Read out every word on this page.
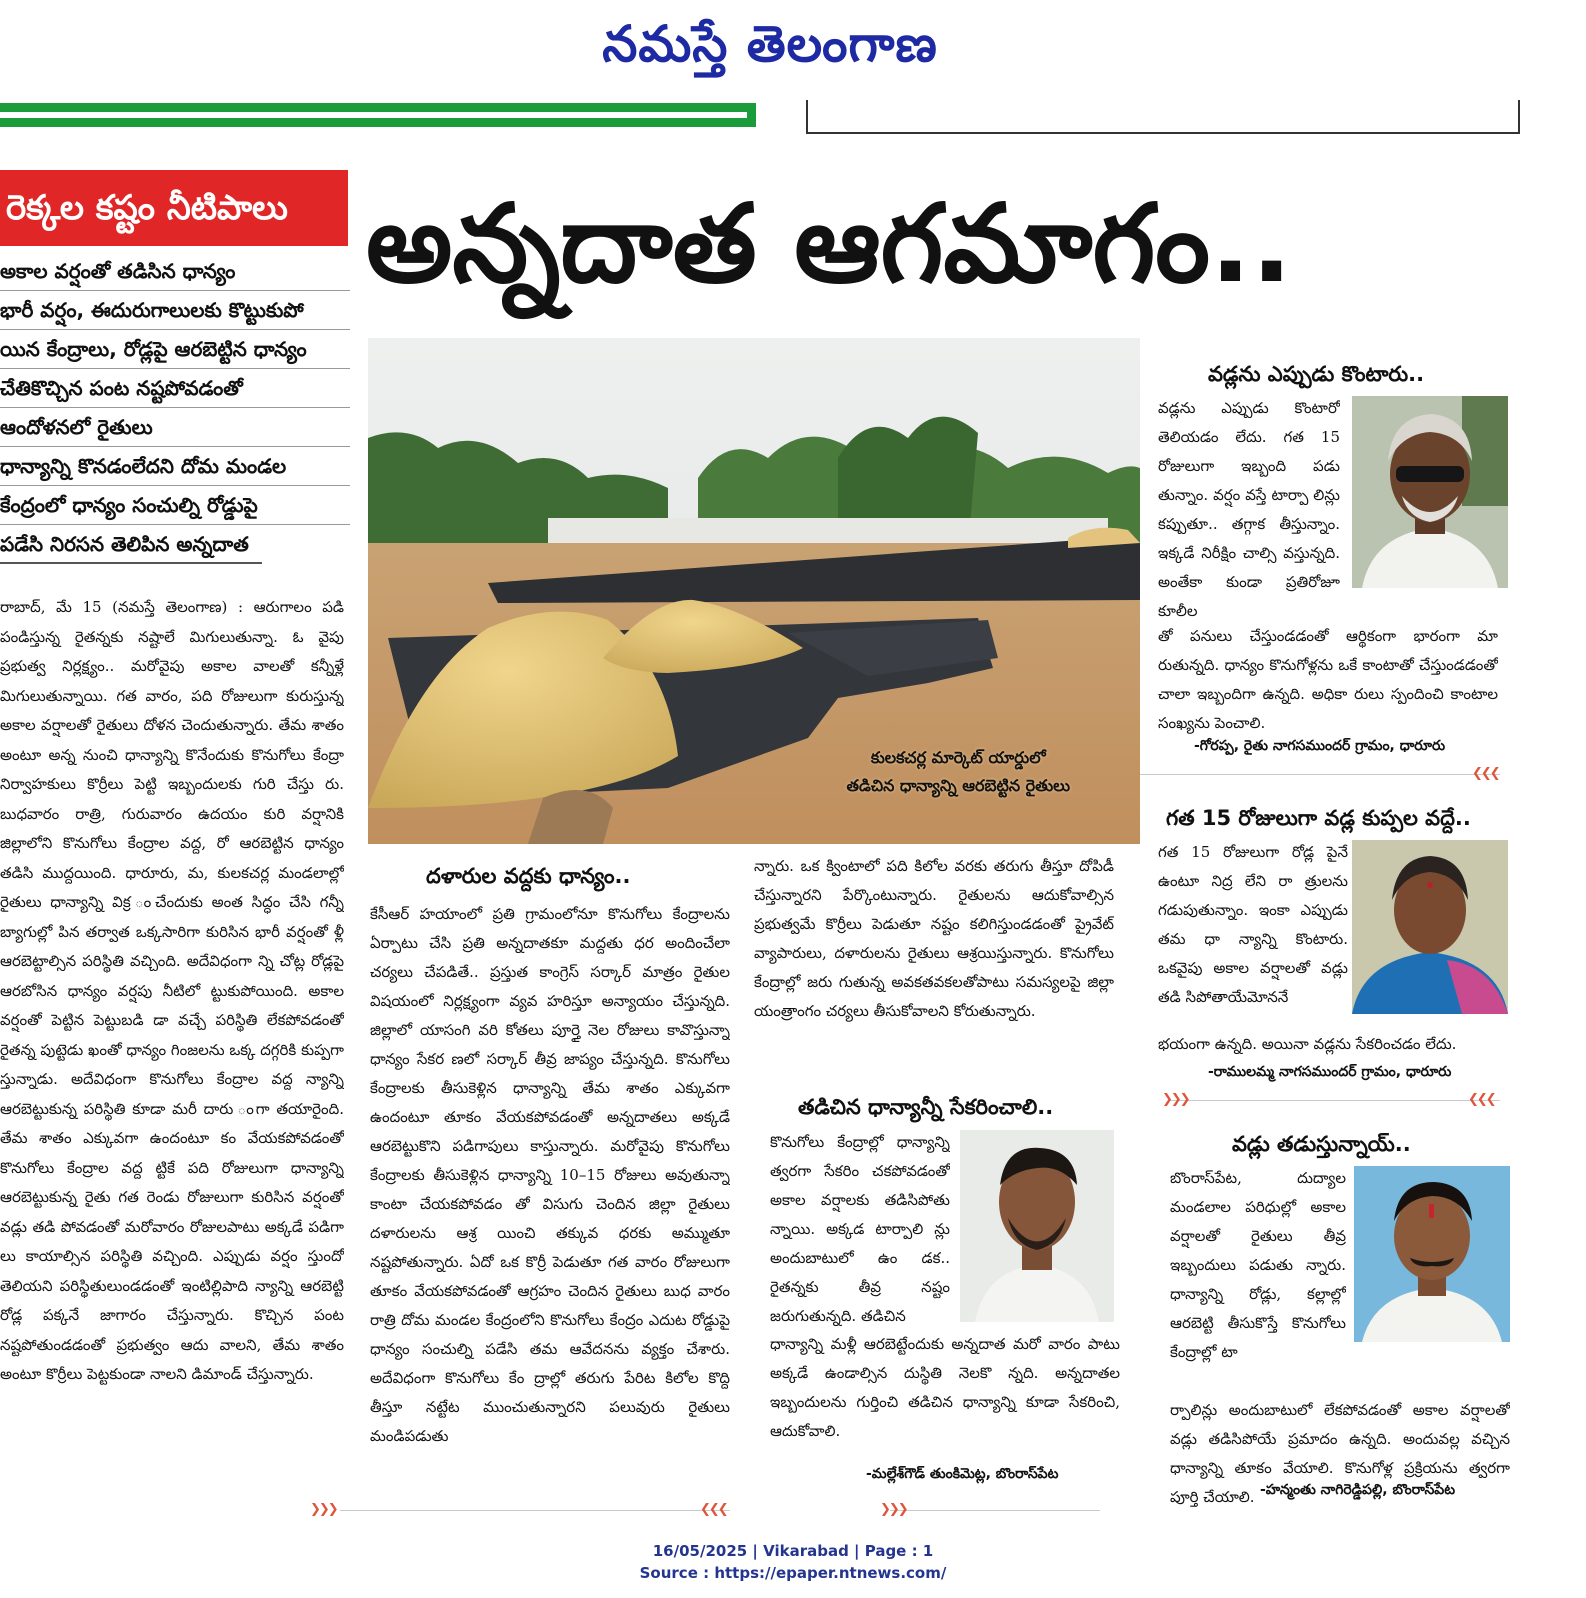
నమస్తే తెలంగాణ
రెక్కల కష్టం నీటిపాలు అన్నదాత ఆగమాగం..
అకాల వర్షంతో తడిసిన ధాన్యం
భారీ వర్షం, ఈదురుగాలులకు కొట్టుకుపో
యిన కేంద్రాలు, రోడ్లపై ఆరబెట్టిన ధాన్యం
చేతికొచ్చిన పంట నష్టపోవడంతో
ఆందోళనలో రైతులు
ధాన్యాన్ని కొనడంలేదని దోమ మండల
కేంద్రంలో ధాన్యం సంచుల్ని రోడ్డుపై
పడేసి నిరసన తెలిపిన అన్నదాత
రాబాద్, మే 15 (నమస్తే తెలంగాణ) : ఆరుగాలం పడి పండిస్తున్న రైతన్నకు నష్టాలే మిగులుతున్నా. ఓ వైపు ప్రభుత్వ నిర్లక్ష్యం.. మరోవైపు అకాల వాలతో కన్నీళ్లే మిగులుతున్నాయి. గత వారం, పది రోజులుగా కురుస్తున్న అకాల వర్షాలతో రైతులు దోళన చెందుతున్నారు. తేమ శాతం అంటూ అన్న నుంచి ధాన్యాన్ని కొనేందుకు కొనుగోలు కేంద్రా నిర్వాహకులు కొర్రీలు పెట్టి ఇబ్బందులకు గురి చేస్తు రు. బుధవారం రాత్రి, గురువారం ఉదయం కురి వర్షానికి జిల్లాలోని కొనుగోలు కేంద్రాల వద్ద, రో ఆరబెట్టిన ధాన్యం తడిసి ముద్దయింది. ధారూరు, మ, కులకచర్ల మండలాల్లో రైతులు ధాన్యాన్ని విక్ర ంచేందుకు అంత సిద్ధం చేసి గన్నీ బ్యాగుల్లో పిన తర్వాత ఒక్కసారిగా కురిసిన భారీ వర్షంతో ళ్లీ ఆరబెట్టాల్సిన పరిస్థితి వచ్చింది. అదేవిధంగా న్ని చోట్ల రోడ్లపై ఆరబోసిన ధాన్యం వర్షపు నీటిలో ట్టుకుపోయింది. అకాల వర్షంతో పెట్టిన పెట్టుబడి డా వచ్చే పరిస్థితి లేకపోవడంతో రైతన్న పుట్టెడు ఖంతో ధాన్యం గింజలను ఒక్క దగ్గరికి కుప్పగా స్తున్నాడు. అదేవిధంగా కొనుగోలు కేంద్రాల వద్ద న్యాన్ని ఆరబెట్టుకున్న పరిస్థితి కూడా మరీ దారు ంగా తయారైంది. తేమ శాతం ఎక్కువగా ఉందంటూ కం వేయకపోవడంతో కొనుగోలు కేంద్రాల వద్ద ట్టికే పది రోజులుగా ధాన్యాన్ని ఆరబెట్టుకున్న రైతు గత రెండు రోజులుగా కురిసిన వర్షంతో వడ్లు తడి పోవడంతో మరోవారం రోజులపాటు అక్కడే పడిగా లు కాయాల్సిన పరిస్థితి వచ్చింది. ఎప్పుడు వర్షం స్తుందో తెలియని పరిస్థితులుండడంతో ఇంటిల్లిపాది న్యాన్ని ఆరబెట్టి రోడ్ల పక్కనే జాగారం చేస్తున్నారు. కొచ్చిన పంట నష్టపోతుండడంతో ప్రభుత్వం ఆదు వాలని, తేమ శాతం అంటూ కొర్రీలు పెట్టకుండా నాలని డిమాండ్ చేస్తున్నారు.
కులకచర్ల మార్కెట్ యార్డులో
తడిచిన ధాన్యాన్ని ఆరబెట్టిన రైతులు
దళారుల వద్దకు ధాన్యం..
కేసీఆర్ హయాంలో ప్రతి గ్రామంలోనూ కొనుగోలు కేంద్రాలను ఏర్పాటు చేసి ప్రతి అన్నదాతకూ మద్దతు ధర అందించేలా చర్యలు చేపడితే.. ప్రస్తుత కాంగ్రెస్ సర్కార్ మాత్రం రైతుల విషయంలో నిర్లక్ష్యంగా వ్యవ హరిస్తూ అన్యాయం చేస్తున్నది. జిల్లాలో యాసంగి వరి కోతలు పూర్తై నెల రోజులు కావొస్తున్నా ధాన్యం సేకర ణలో సర్కార్ తీవ్ర జాప్యం చేస్తున్నది. కొనుగోలు కేంద్రాలకు తీసుకెళ్లిన ధాన్యాన్ని తేమ శాతం ఎక్కువగా ఉందంటూ తూకం వేయకపోవడంతో అన్నదాతలు అక్కడే ఆరబెట్టుకొని పడిగాపులు కాస్తున్నారు. మరోవైపు కొనుగోలు కేంద్రాలకు తీసుకెళ్లిన ధాన్యాన్ని 10–15 రోజులు అవుతున్నా కాంటా చేయకపోవడం తో విసుగు చెందిన జిల్లా రైతులు దళారులను ఆశ్ర యించి తక్కువ ధరకు అమ్ముతూ నష్టపోతున్నారు. ఏదో ఒక కొర్రీ పెడుతూ గత వారం రోజులుగా తూకం వేయకపోవడంతో ఆగ్రహం చెందిన రైతులు బుధ వారం రాత్రి దోమ మండల కేంద్రంలోని కొనుగోలు కేంద్రం ఎదుట రోడ్డుపై ధాన్యం సంచుల్ని పడేసి తమ ఆవేదనను వ్యక్తం చేశారు. అదేవిధంగా కొనుగోలు కేం ద్రాల్లో తరుగు పేరిట కిలోల కొద్ది తీస్తూ నట్టేట ముంచుతున్నారని పలువురు రైతులు మండిపడుతు
న్నారు. ఒక క్వింటాలో పది కిలోల వరకు తరుగు తీస్తూ దోపిడీ చేస్తున్నారని పేర్కొంటున్నారు. రైతులను ఆదుకోవాల్సిన ప్రభుత్వమే కొర్రీలు పెడుతూ నష్టం కలిగిస్తుండడంతో ప్రైవేట్ వ్యాపారులు, దళారులను రైతులు ఆశ్రయిస్తున్నారు. కొనుగోలు కేంద్రాల్లో జరు గుతున్న అవకతవకలతోపాటు సమస్యలపై జిల్లా యంత్రాంగం చర్యలు తీసుకోవాలని కోరుతున్నారు.
తడిచిన ధాన్యాన్నీ సేకరించాలి..
కొనుగోలు కేంద్రాల్లో ధాన్యాన్ని త్వరగా సేకరిం చకపోవడంతో అకాల వర్షాలకు తడిసిపోతు న్నాయి. అక్కడ టార్పాలి న్లు అందుబాటులో ఉం డక.. రైతన్నకు తీవ్ర నష్టం జరుగుతున్నది. తడిచిన
ధాన్యాన్ని మళ్లీ ఆరబెట్టేందుకు అన్నదాత మరో వారం పాటు అక్కడే ఉండాల్సిన దుస్థితి నెలకొ న్నది. అన్నదాతల ఇబ్బందులను గుర్తించి తడిచిన ధాన్యాన్ని కూడా సేకరించి, ఆదుకోవాలి.
-మల్లేశ్‌గౌడ్ తుంకిమెట్ల, బొంరాస్‌పేట
వడ్లను ఎప్పుడు కొంటారు..
వడ్లను ఎప్పుడు కొంటారో తెలియడం లేదు. గత 15 రోజులుగా ఇబ్బంది పడు తున్నాం. వర్షం వస్తే టార్పా లిన్లు కప్పుతూ.. తగ్గాక తీస్తున్నాం. ఇక్కడే నిరీక్షిం చాల్సి వస్తున్నది. అంతేకా కుండా ప్రతిరోజూ కూలీల
తో పనులు చేస్తుండడంతో ఆర్థికంగా భారంగా మా రుతున్నది. ధాన్యం కొనుగోళ్లను ఒకే కాంటాతో చేస్తుండడంతో చాలా ఇబ్బందిగా ఉన్నది. అధికా రులు స్పందించి కాంటాల సంఖ్యను పెంచాలి.
-గోరప్ప, రైతు నాగసముందర్ గ్రామం, ధారూరు
❮❮❮
గత 15 రోజులుగా వడ్ల కుప్పల వద్దే..
గత 15 రోజులుగా రోడ్ల పైనే ఉంటూ నిద్ర లేని రా త్రులను గడుపుతున్నాం. ఇంకా ఎప్పుడు తమ ధా న్యాన్ని కొంటారు. ఒకవైపు అకాల వర్షాలతో వడ్లు తడి సిపోతాయేమోననే
భయంగా ఉన్నది. అయినా వడ్లను సేకరించడం లేదు.
-రాములమ్మ నాగసముందర్ గ్రామం, ధారూరు
❯❯❯	❮❮❮
వడ్లు తడుస్తున్నాయ్..
బొంరాస్‌పేట, దుద్యాల మండలాల పరిధుల్లో అకాల వర్షాలతో రైతులు తీవ్ర ఇబ్బందులు పడుతు న్నారు. ధాన్యాన్ని రోడ్లు, కల్లాల్లో ఆరబెట్టి తీసుకొస్తే కొనుగోలు కేంద్రాల్లో టా
ర్పాలిన్లు అందుబాటులో లేకపోవడంతో అకాల వర్షాలతో వడ్లు తడిసిపోయే ప్రమాదం ఉన్నది. అందువల్ల వచ్చిన ధాన్యాన్ని తూకం వేయాలి. కొనుగోళ్ల ప్రక్రియను త్వరగా పూర్తి చేయాలి. -హన్మంతు నాగిరెడ్డిపల్లి, బొంరాస్‌పేట
❯❯❯	❮❮❮	❯❯❯
16/05/2025 | Vikarabad | Page : 1
Source : https://epaper.ntnews.com/
